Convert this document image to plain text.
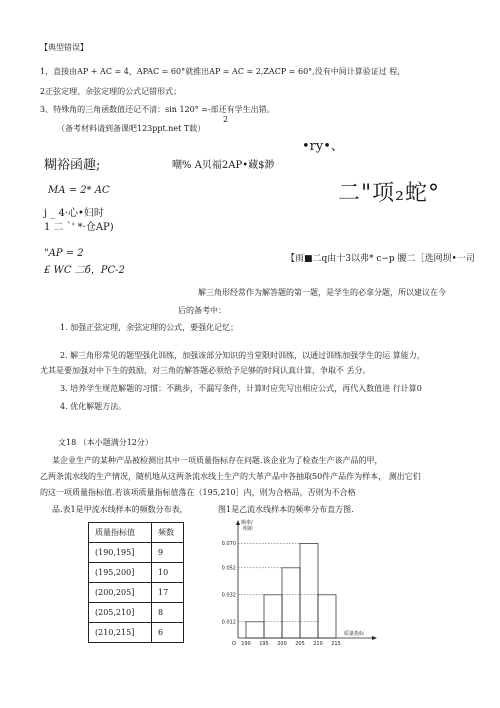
【典型错误】
1，直接由AP + AC = 4，APAC = 60°就推出AP = AC = 2,ZACP = 60°,没有中间计算验证过 程，
2正弦定理、余弦定理的公式记错形式；
3、特殊角的三角函数值还记不清：sin 120° =-部还有学生出错。
2
（备考材料请到备课吧123ppt.net T载）
•ry•、
糊裕函趣;	嘲% A贝福2AP•藏$渺
二"项₂蛇°
MA = 2* AC
j _ 4·心•妇时
1 二 `' *·仓AP)
"AP = 2	【雨■二q由十3以弗* c−p 腰二［选网坝•一司
£ WC 二б，PC-2
解三角形经常作为解答题的第一题，是学生的必拿分题，所以建议在今
后的备考中：
1. 加强正弦定理，余弦定理的公式，要强化记忆；
2. 解三角形常见的题型强化训练，加强该部分知识的当堂限时训练，以通过训练加强学生的运 算能力，
尤其是要加强对中下生的鼓励，对三角的解答题必须给予足够的时间认真计算，争取不 丢分。
3. 培养学生规范解题的习惯：不跳步，不漏写条件，计算时应先写出相应公式，再代入数值进 行计算0
4. 优化解题方法。
文18 （本小题满分12分）
某企业生产的某种产品被检测出其中一项质量指标存在问题.该企业为了检查生产该产品的甲，
乙两条流水线的生产情况，随机地从这两条流水线上生产的大革产品中各抽取50件产品作为样本， 测出它们
的这一项质量指标值.若该项质量指标值落在（195,210］内，则为合格品，否则为不合格
品.表1是甲流水线样本的频数分布表，	图1是乙流水线样本的频率分布直方图.
质量指标值	频数
(190,195]	9
(195,200]	10
(200,205]	17
(205,210]	8
(210,215]	6
0.012
0.032
0.052
0.070
190 195 200 205 210 215
O
频率/
组距
质量指标
